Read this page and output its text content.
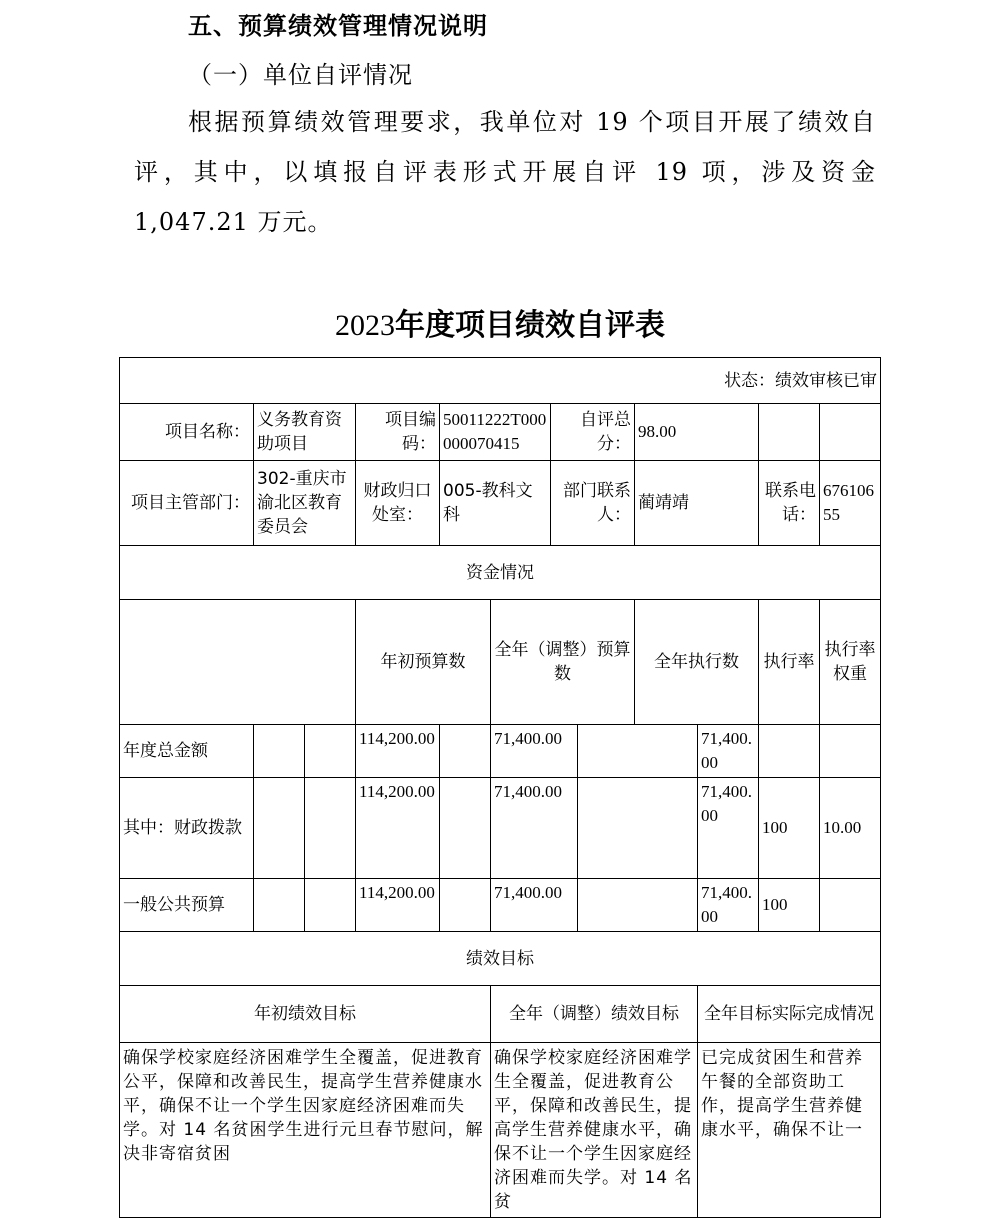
五、预算绩效管理情况说明
（一）单位自评情况
根据预算绩效管理要求，我单位对 19 个项目开展了绩效自
评，其中，以填报自评表形式开展自评 19 项，涉及资金
1,047.21 万元。
2023年度项目绩效自评表
状态：绩效审核已审												
项目名称：	义务教育资助项目		项目编码：	50011222T000000070415		自评总分：		98.00				
项目主管部门：	302-重庆市渝北区教育委员会		财政归口处室：	005-教科文科		部门联系人：		蔺靖靖		联系电话：	67610655	
资金情况												
			年初预算数		全年（调整）预算数			全年执行数		执行率	执行率权重	
年度总金额			114,200.00		71,400.00				71,400.00			
其中：财政拨款			114,200.00		71,400.00				71,400.00	100	10.00	
一般公共预算			114,200.00		71,400.00				71,400.00	100		
绩效目标												
年初绩效目标					全年（调整）绩效目标				全年目标实际完成情况			
确保学校家庭经济困难学生全覆盖，促进教育公平，保障和改善民生，提高学生营养健康水平，确保不让一个学生因家庭经济困难而失学。对 14 名贫困学生进行元旦春节慰问，解决非寄宿贫困					确保学校家庭经济困难学生全覆盖，促进教育公平，保障和改善民生，提高学生营养健康水平，确保不让一个学生因家庭经济困难而失学。对 14 名贫				已完成贫困生和营养午餐的全部资助工作，提高学生营养健康水平，确保不让一			
